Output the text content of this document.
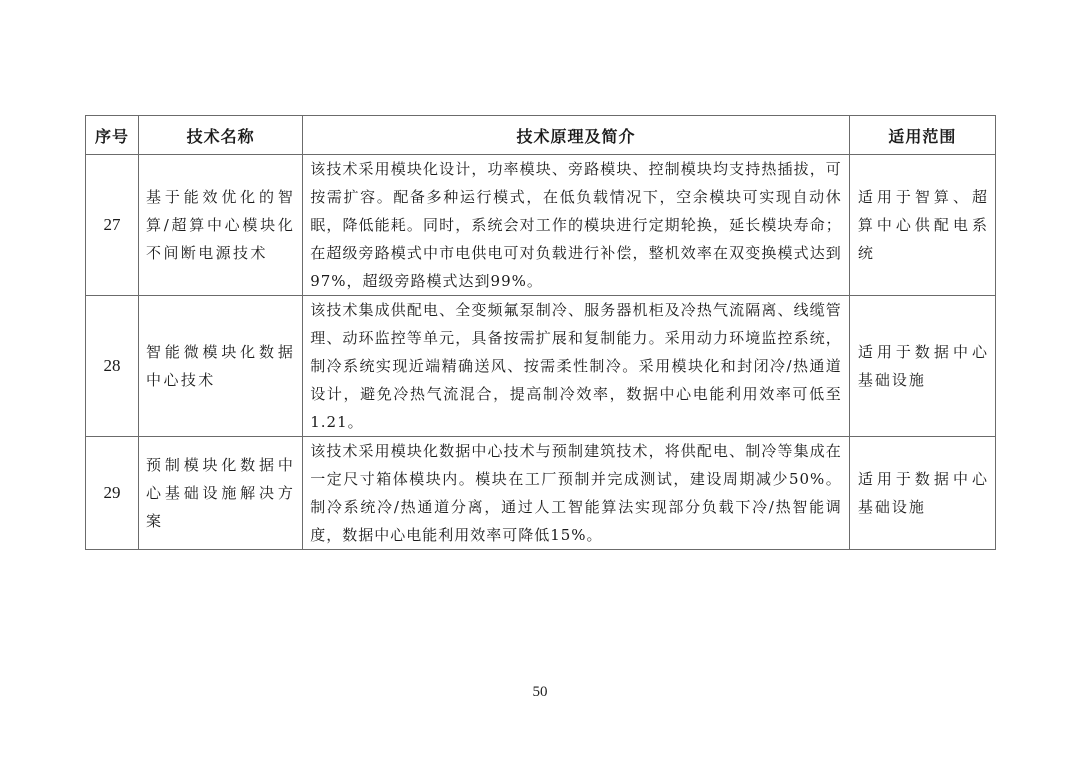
序号	技术名称	技术原理及简介	适用范围
27	基于能效优化的智算/超算中心模块化不间断电源技术	该技术采用模块化设计，功率模块、旁路模块、控制模块均支持热插拔，可按需扩容。配备多种运行模式，在低负载情况下，空余模块可实现自动休眠，降低能耗。同时，系统会对工作的模块进行定期轮换，延长模块寿命；在超级旁路模式中市电供电可对负载进行补偿，整机效率在双变换模式达到97%，超级旁路模式达到99%。	适用于智算、超算中心供配电系统
28	智能微模块化数据中心技术	该技术集成供配电、全变频氟泵制冷、服务器机柜及冷热气流隔离、线缆管理、动环监控等单元，具备按需扩展和复制能力。采用动力环境监控系统，制冷系统实现近端精确送风、按需柔性制冷。采用模块化和封闭冷/热通道设计，避免冷热气流混合，提高制冷效率，数据中心电能利用效率可低至1.21。	适用于数据中心基础设施
29	预制模块化数据中心基础设施解决方案	该技术采用模块化数据中心技术与预制建筑技术，将供配电、制冷等集成在一定尺寸箱体模块内。模块在工厂预制并完成测试，建设周期减少50%。制冷系统冷/热通道分离，通过人工智能算法实现部分负载下冷/热智能调度，数据中心电能利用效率可降低15%。	适用于数据中心基础设施
50
